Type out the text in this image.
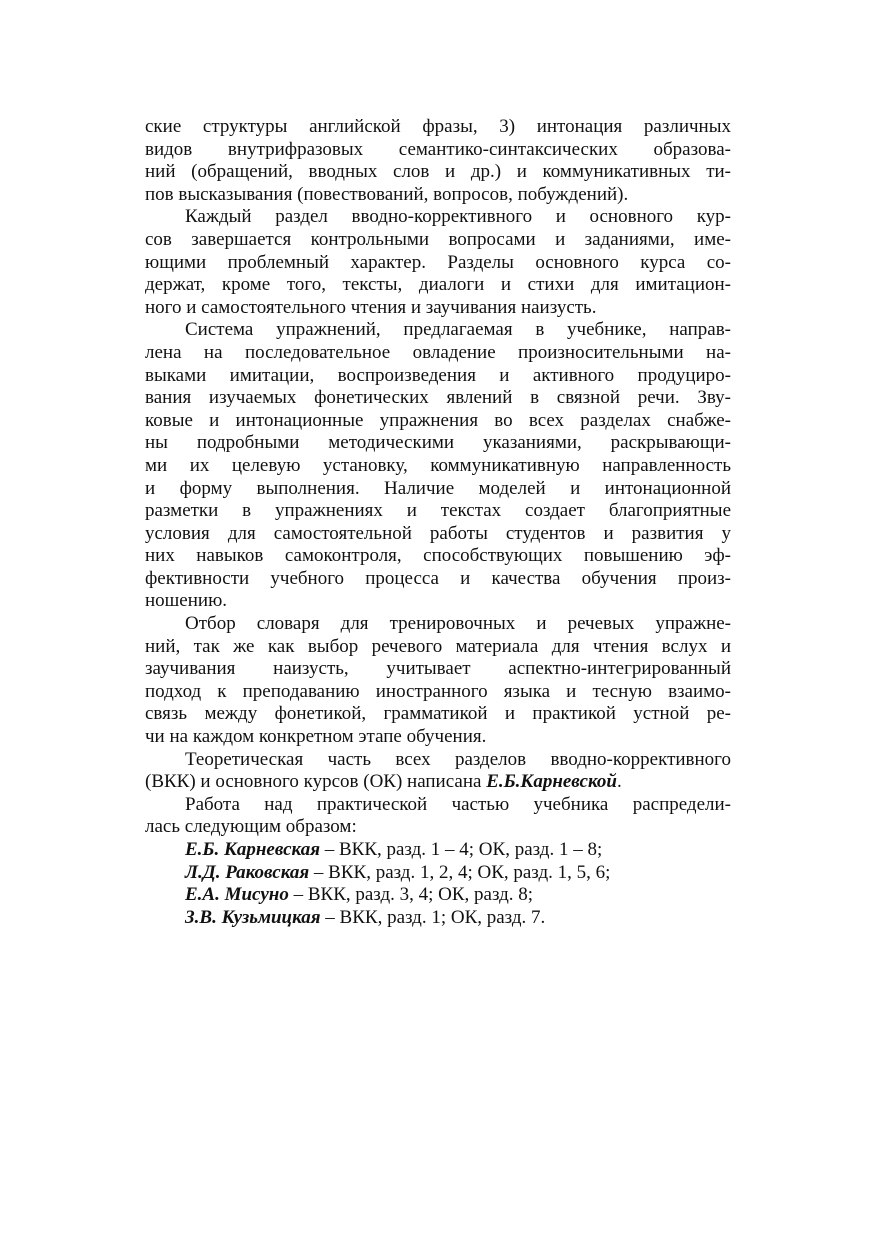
ские структуры английской фразы, 3) интонация различных
видов внутрифразовых семантико-синтаксических образова-
ний (обращений, вводных слов и др.) и коммуникативных ти-
пов высказывания (повествований, вопросов, побуждений).
Каждый раздел вводно-коррективного и основного кур-
сов завершается контрольными вопросами и заданиями, име-
ющими проблемный характер. Разделы основного курса со-
держат, кроме того, тексты, диалоги и стихи для имитацион-
ного и самостоятельного чтения и заучивания наизусть.
Система упражнений, предлагаемая в учебнике, направ-
лена на последовательное овладение произносительными на-
выками имитации, воспроизведения и активного продуциро-
вания изучаемых фонетических явлений в связной речи. Зву-
ковые и интонационные упражнения во всех разделах снабже-
ны подробными методическими указаниями, раскрывающи-
ми их целевую установку, коммуникативную направленность
и форму выполнения. Наличие моделей и интонационной
разметки в упражнениях и текстах создает благоприятные
условия для самостоятельной работы студентов и развития у
них навыков самоконтроля, способствующих повышению эф-
фективности учебного процесса и качества обучения произ-
ношению.
Отбор словаря для тренировочных и речевых упражне-
ний, так же как выбор речевого материала для чтения вслух и
заучивания наизусть, учитывает аспектно-интегрированный
подход к преподаванию иностранного языка и тесную взаимо-
связь между фонетикой, грамматикой и практикой устной ре-
чи на каждом конкретном этапе обучения.
Теоретическая часть всех разделов вводно-коррективного
(ВКК) и основного курсов (ОК) написана Е.Б.Карневской.
Работа над практической частью учебника распредели-
лась следующим образом:
Е.Б. Карневская – ВКК, разд. 1 – 4; ОК, разд. 1 – 8;
Л.Д. Раковская – ВКК, разд. 1, 2, 4; ОК, разд. 1, 5, 6;
Е.А. Мисуно – ВКК, разд. 3, 4; ОК, разд. 8;
З.В. Кузьмицкая – ВКК, разд. 1; ОК, разд. 7.
